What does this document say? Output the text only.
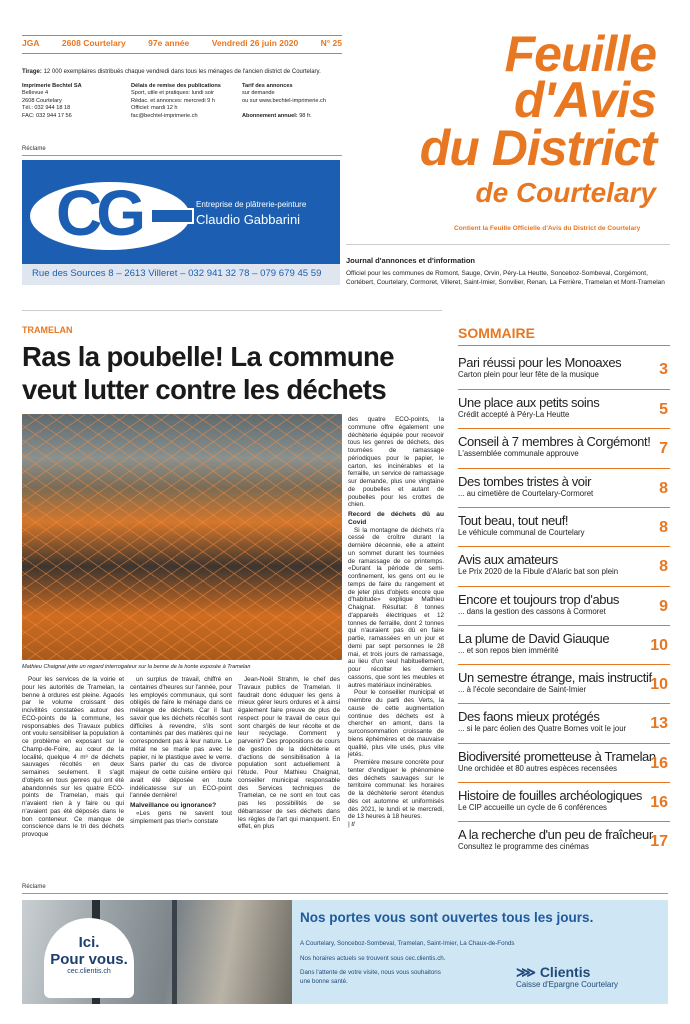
JGA	2608 Courtelary	97e année	Vendredi 26 juin 2020	N° 25
Tirage: 12 000 exemplaires distribués chaque vendredi dans tous les ménages de l'ancien district de Courtelary.
Imprimerie Bechtel SA
Bellevue 4
2608 Courtelary
Tél.: 032 944 18 18
FAC: 032 944 17 56
Délais de remise des publications
Sport, utile et pratiques: lundi soir
Rédac. et annonces: mercredi 9 h
Officiel: mardi 12 h
fac@bechtel-imprimerie.ch
Tarif des annonces
sur demande
ou sur www.bechtel-imprimerie.ch
Abonnement annuel: 98 fr.
Réclame
CG	Entreprise de plâtrerie-peinture
Claudio Gabbarini
Rue des Sources 8 – 2613 Villeret – 032 941 32 78 – 079 679 45 59
Feuille
d'Avis
du District
de Courtelary
Contient la Feuille Officielle d'Avis du District de Courtelary
Journal d'annonces et d'information
Officiel pour les communes de Romont, Sauge, Orvin, Péry-La Heutte, Sonceboz-Sombeval, Corgémont, Cortébert, Courtelary, Cormoret, Villeret, Saint-Imier, Sonvilier, Renan, La Ferrière, Tramelan et Mont-Tramelan
TRAMELAN
Ras la poubelle! La commune veut lutter contre les déchets
Mathieu Chaignat jette un regard interrogateur sur la benne de la honte exposée à Tramelan

Pour les services de la voirie et pour les autorités de Tramelan, la benne à ordures est pleine. Agacés par le volume croissant des incivilités constatées autour des ECO-points de la commune, les responsables des Travaux publics ont voulu sensibiliser la population à ce problème en exposant sur le Champ-de-Foire, au cœur de la localité, quelque 4 m³ de déchets sauvages récoltés en deux semaines seulement. Il s'agit d'objets en tous genres qui ont été abandonnés sur les quatre ECO-points de Tramelan, mais qui n'avaient rien à y faire ou qui n'avaient pas été déposés dans le bon conteneur. Ce manque de conscience dans le tri des déchets provoque

un surplus de travail, chiffré en centaines d'heures sur l'année, pour les employés communaux, qui sont obligés de faire le ménage dans ce mélange de déchets. Car il faut savoir que les déchets récoltés sont difficiles à revendre, s'ils sont contaminés par des matières qui ne correspondent pas à leur nature. Le métal ne se marie pas avec le papier, ni le plastique avec le verre. Sans parler du cas de divorce majeur de cette cuisine entière qui avait été déposée en toute indélicatesse sur un ECO-point l'année dernière!

Malveillance ou ignorance?

«Les gens ne savent tout simplement pas trier!» constate

Jean-Noël Strahm, le chef des Travaux publics de Tramelan. Il faudrait donc éduquer les gens à mieux gérer leurs ordures et à ainsi également faire preuve de plus de respect pour le travail de ceux qui sont chargés de leur récolte et de leur recyclage. Comment y parvenir? Des propositions de cours de gestion de la déchèterie et d'actions de sensibilisation à la population sont actuellement à l'étude. Pour Mathieu Chaignat, conseiller municipal responsable des Services techniques de Tramelan, ce ne sont en tout cas pas les possibilités de se débarrasser de ses déchets dans les règles de l'art qui manquent. En effet, en plus

des quatre ECO-points, la commune offre également une déchèterie équipée pour recevoir tous les genres de déchets, des tournées de ramassage périodiques pour le papier, le carton, les incinérables et la ferraille, un service de ramassage sur demande, plus une vingtaine de poubelles et autant de poubelles pour les crottes de chien.

Record de déchets dû au Covid

Si la montagne de déchets n'a cessé de croître durant la dernière décennie, elle a atteint un sommet durant les tournées de ramassage de ce printemps. «Durant la période de semi-confinement, les gens ont eu le temps de faire du rangement et de jeter plus d'objets encore que d'habitude» explique Mathieu Chaignat. Résultat: 8 tonnes d'appareils électriques et 12 tonnes de ferraille, dont 2 tonnes qui n'auraient pas dû en faire partie, ramassées en un jour et demi par sept personnes le 28 mai, et trois jours de ramassage, au lieu d'un seul habituellement, pour récolter les derniers cassons, que sont les meubles et autres matériaux incinérables.

Pour le conseiller municipal et membre du parti des Verts, la cause de cette augmentation continue des déchets est à chercher en amont, dans la surconsommation croissante de biens éphémères et de mauvaise qualité, plus vite usés, plus vite jetés.

Première mesure concrète pour tenter d'endiguer le phénomène des déchets sauvages sur le territoire communal: les horaires de la déchèterie seront étendus dès cet automne et uniformisés dès 2021, le lundi et le mercredi, de 13 heures à 18 heures.

| tl

SOMMAIRE
Pari réussi pour les Monoaxes
Carton plein pour leur fête de la musique	3
Une place aux petits soins
Crédit accepté à Péry-La Heutte	5
Conseil à 7 membres à Corgémont!
L'assemblée communale approuve	7
Des tombes tristes à voir
... au cimetière de Courtelary-Cormoret	8
Tout beau, tout neuf!
Le véhicule communal de Courtelary	8
Avis aux amateurs
Le Prix 2020 de la Fibule d'Alaric bat son plein	8
Encore et toujours trop d'abus
... dans la gestion des cassons à Cormoret	9
La plume de David Giauque
... et son repos bien immérité	10
Un semestre étrange, mais instructif
... à l'école secondaire de Saint-Imier	10
Des faons mieux protégés
... si le parc éolien des Quatre Bornes voit le jour	13
Biodiversité prometteuse à Tramelan
Une orchidée et 80 autres espèces recensées	16
Histoire de fouilles archéologiques
Le CIP accueille un cycle de 6 conférences	16
A la recherche d'un peu de fraîcheur
Consultez le programme des cinémas	17
Réclame
Ici.
Pour vous.
cec.clientis.ch
Nos portes vous sont ouvertes tous les jours.
A Courtelary, Sonceboz-Sombeval, Tramelan, Saint-Imier, La Chaux-de-Fonds
Nos horaires actuels se trouvent sous cec.clientis.ch.
Dans l'attente de votre visite, nous vous souhaitons
une bonne santé.
⋙ Clientis
Caisse d'Epargne Courtelary
